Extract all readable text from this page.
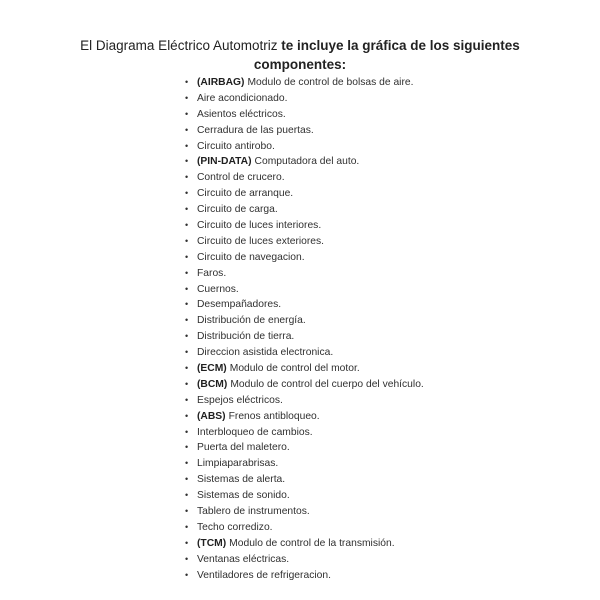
El Diagrama Eléctrico Automotriz te incluye la gráfica de los siguientes
componentes:
• (AIRBAG) Modulo de control de bolsas de aire.
• Aire acondicionado.
• Asientos eléctricos.
• Cerradura de las puertas.
• Circuito antirobo.
• (PIN-DATA) Computadora del auto.
• Control de crucero.
• Circuito de arranque.
• Circuito de carga.
• Circuito de luces interiores.
• Circuito de luces exteriores.
• Circuito de navegacion.
• Faros.
• Cuernos.
• Desempañadores.
• Distribución de energía.
• Distribución de tierra.
• Direccion asistida electronica.
• (ECM) Modulo de control del motor.
• (BCM) Modulo de control del cuerpo del vehículo.
• Espejos eléctricos.
• (ABS) Frenos antibloqueo.
• Interbloqueo de cambios.
• Puerta del maletero.
• Limpiaparabrisas.
• Sistemas de alerta.
• Sistemas de sonido.
• Tablero de instrumentos.
• Techo corredizo.
• (TCM) Modulo de control de la transmisión.
• Ventanas eléctricas.
• Ventiladores de refrigeracion.
